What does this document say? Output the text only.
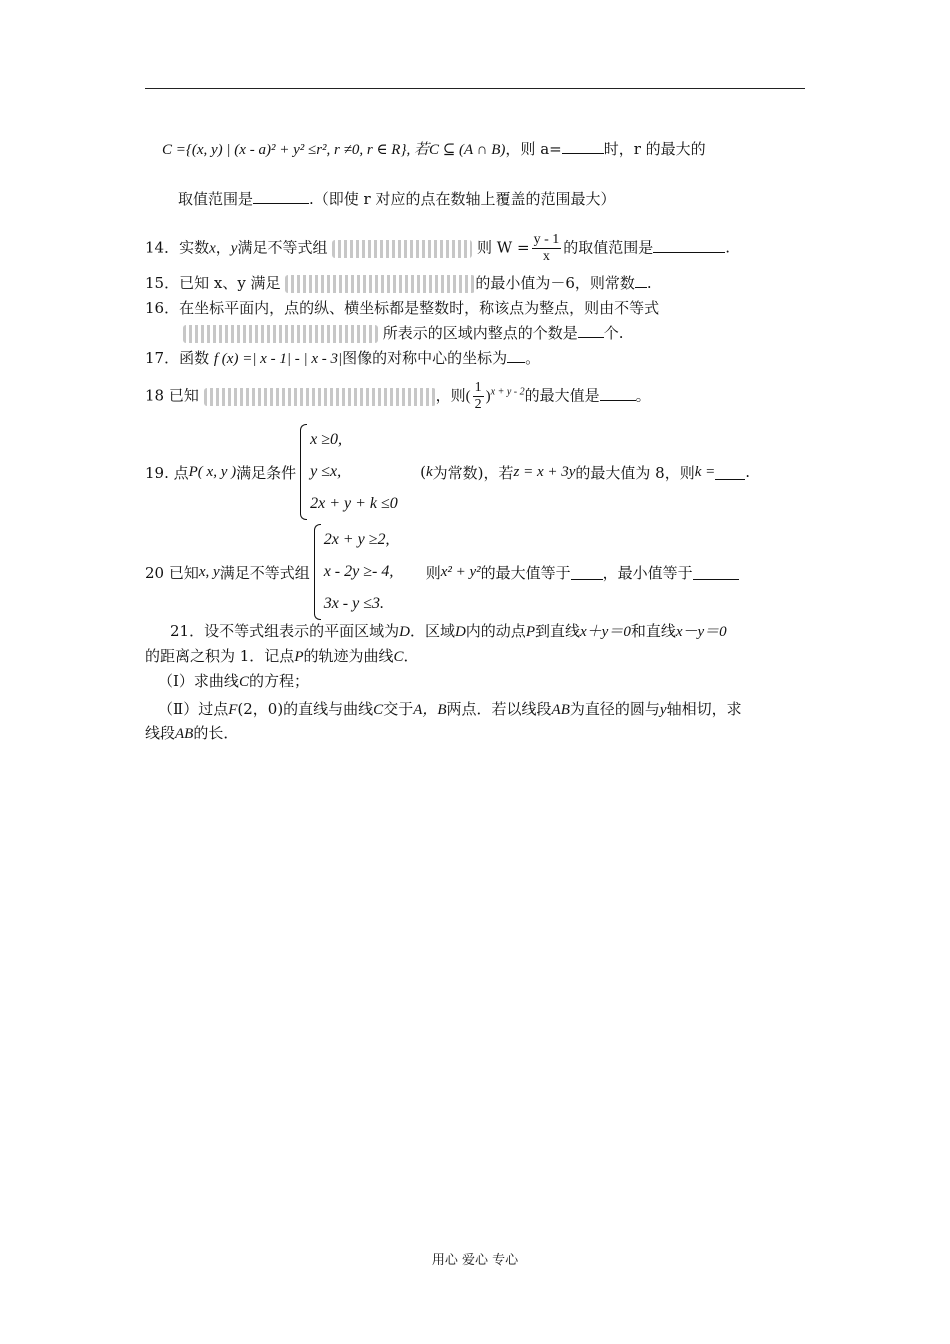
C ={(x, y) | (x - a)² + y² ≤r², r ≠0, r ∈ R}, 若C ⊆ (A ∩ B)，则 a=	时，r 的最大的
取值范围是	.（即使 r 对应的点在数轴上覆盖的范围最大）
14．实数x，y满足不等式组	则 $W = \frac{y - 1}{x}$ 的取值范围是	.
15．已知 x、y 满足	的最小值为－6，则常数 .
16．在坐标平面内，点的纵、横坐标都是整数时，称该点为整点，则由不等式
所表示的区域内整点的个数是 个.
17．函数 f (x) =| x - 1| - | x - 3|图像的对称中心的坐标为 。
18 已知	，则( $\frac{1}{2} )^{x + y - 2}$的最大值是 。
19. 点 P( x, y ) 满足条件
x ≥0,
y ≤x,
2x + y + k ≤0
( k 为常数)，若 z = x + 3y 的最大值为 8，则 k = .
20 已知 x, y 满足不等式组
2x + y ≥2,
x - 2y ≥- 4,
3x - y ≤3.
则 x² + y² 的最大值等于 ，最小值等于
21．设不等式组表示的平面区域为D．区域D内的动点P到直线x＋y＝0和直线x－y＝0
的距离之积为 1．记点P的轨迹为曲线C．
（Ⅰ）求曲线C的方程；
（Ⅱ）过点F(2，0)的直线与曲线C交于A，B两点．若以线段AB为直径的圆与y轴相切，求
线段AB的长．
用心 爱心 专心
